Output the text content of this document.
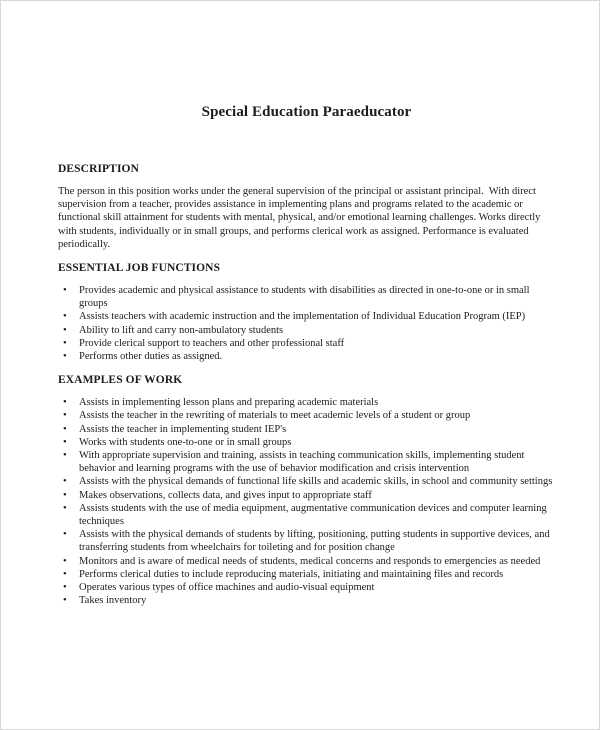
Special Education Paraeducator
DESCRIPTION

The person in this position works under the general supervision of the principal or assistant principal.  With direct supervision from a teacher, provides assistance in implementing plans and programs related to the academic or functional skill attainment for students with mental, physical, and/or emotional learning challenges. Works directly with students, individually or in small groups, and performs clerical work as assigned. Performance is evaluated periodically.

ESSENTIAL JOB FUNCTIONS
• Provides academic and physical assistance to students with disabilities as directed in one-to-one or in small groups
• Assists teachers with academic instruction and the implementation of Individual Education Program (IEP)
• Ability to lift and carry non-ambulatory students
• Provide clerical support to teachers and other professional staff
• Performs other duties as assigned.
EXAMPLES OF WORK
• Assists in implementing lesson plans and preparing academic materials
• Assists the teacher in the rewriting of materials to meet academic levels of a student or group
• Assists the teacher in implementing student IEP's
• Works with students one-to-one or in small groups
• With appropriate supervision and training, assists in teaching communication skills, implementing student behavior and learning programs with the use of behavior modification and crisis intervention
• Assists with the physical demands of functional life skills and academic skills, in school and community settings
• Makes observations, collects data, and gives input to appropriate staff
• Assists students with the use of media equipment, augmentative communication devices and computer learning techniques
• Assists with the physical demands of students by lifting, positioning, putting students in supportive devices, and transferring students from wheelchairs for toileting and for position change
• Monitors and is aware of medical needs of students, medical concerns and responds to emergencies as needed
• Performs clerical duties to include reproducing materials, initiating and maintaining files and records
• Operates various types of office machines and audio-visual equipment
• Takes inventory
